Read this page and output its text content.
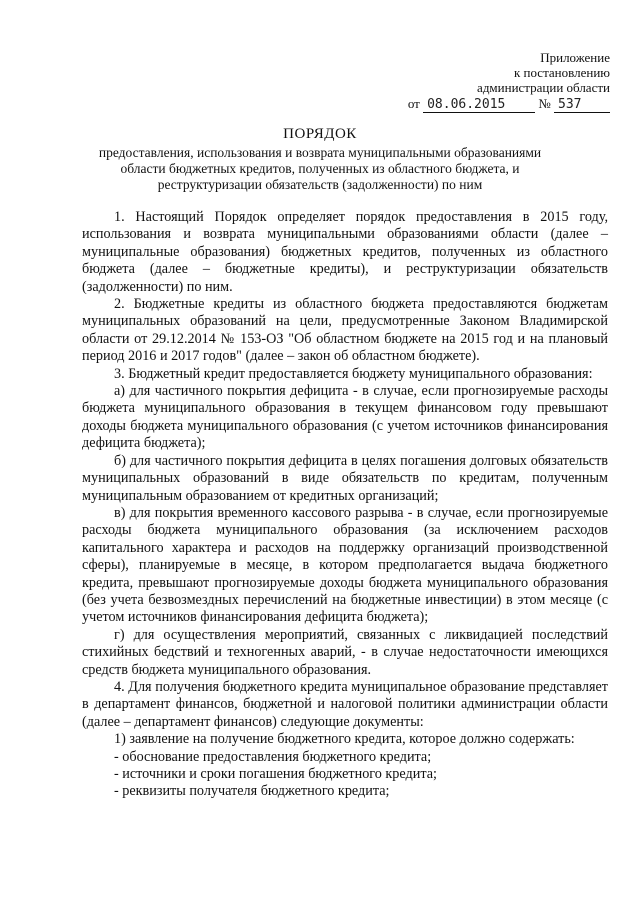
Приложение
к постановлению
администрации области
от 08.06.2015	№ 537
ПОРЯДОК
предоставления, использования и возврата муниципальными образованиями
области бюджетных кредитов, полученных из областного бюджета, и
реструктуризации обязательств (задолженности) по ним

1. Настоящий Порядок определяет порядок предоставления в 2015 году, использования и возврата муниципальными образованиями области (далее – муниципальные образования) бюджетных кредитов, полученных из областного бюджета (далее – бюджетные кредиты), и реструктуризации обязательств (задолженности) по ним.

2. Бюджетные кредиты из областного бюджета предоставляются бюджетам муниципальных образований на цели, предусмотренные Законом Владимирской области от 29.12.2014 № 153-ОЗ "Об областном бюджете на 2015 год и на плановый период 2016 и 2017 годов" (далее – закон об областном бюджете).

3. Бюджетный кредит предоставляется бюджету муниципального образования:

а) для частичного покрытия дефицита - в случае, если прогнозируемые расходы бюджета муниципального образования в текущем финансовом году превышают доходы бюджета муниципального образования (с учетом источников финансирования дефицита бюджета);

б) для частичного покрытия дефицита в целях погашения долговых обязательств муниципальных образований в виде обязательств по кредитам, полученным муниципальным образованием от кредитных организаций;

в) для покрытия временного кассового разрыва - в случае, если прогнозируемые расходы бюджета муниципального образования (за исключением расходов капитального характера и расходов на поддержку организаций производственной сферы), планируемые в месяце, в котором предполагается выдача бюджетного кредита, превышают прогнозируемые доходы бюджета муниципального образования (без учета безвозмездных перечислений на бюджетные инвестиции) в этом месяце (с учетом источников финансирования дефицита бюджета);

г) для осуществления мероприятий, связанных с ликвидацией последствий стихийных бедствий и техногенных аварий, - в случае недостаточности имеющихся средств бюджета муниципального образования.

4. Для получения бюджетного кредита муниципальное образование представляет в департамент финансов, бюджетной и налоговой политики администрации области (далее – департамент финансов) следующие документы:

1) заявление на получение бюджетного кредита, которое должно содержать:

- обоснование предоставления бюджетного кредита;

- источники и сроки погашения бюджетного кредита;

- реквизиты получателя бюджетного кредита;
